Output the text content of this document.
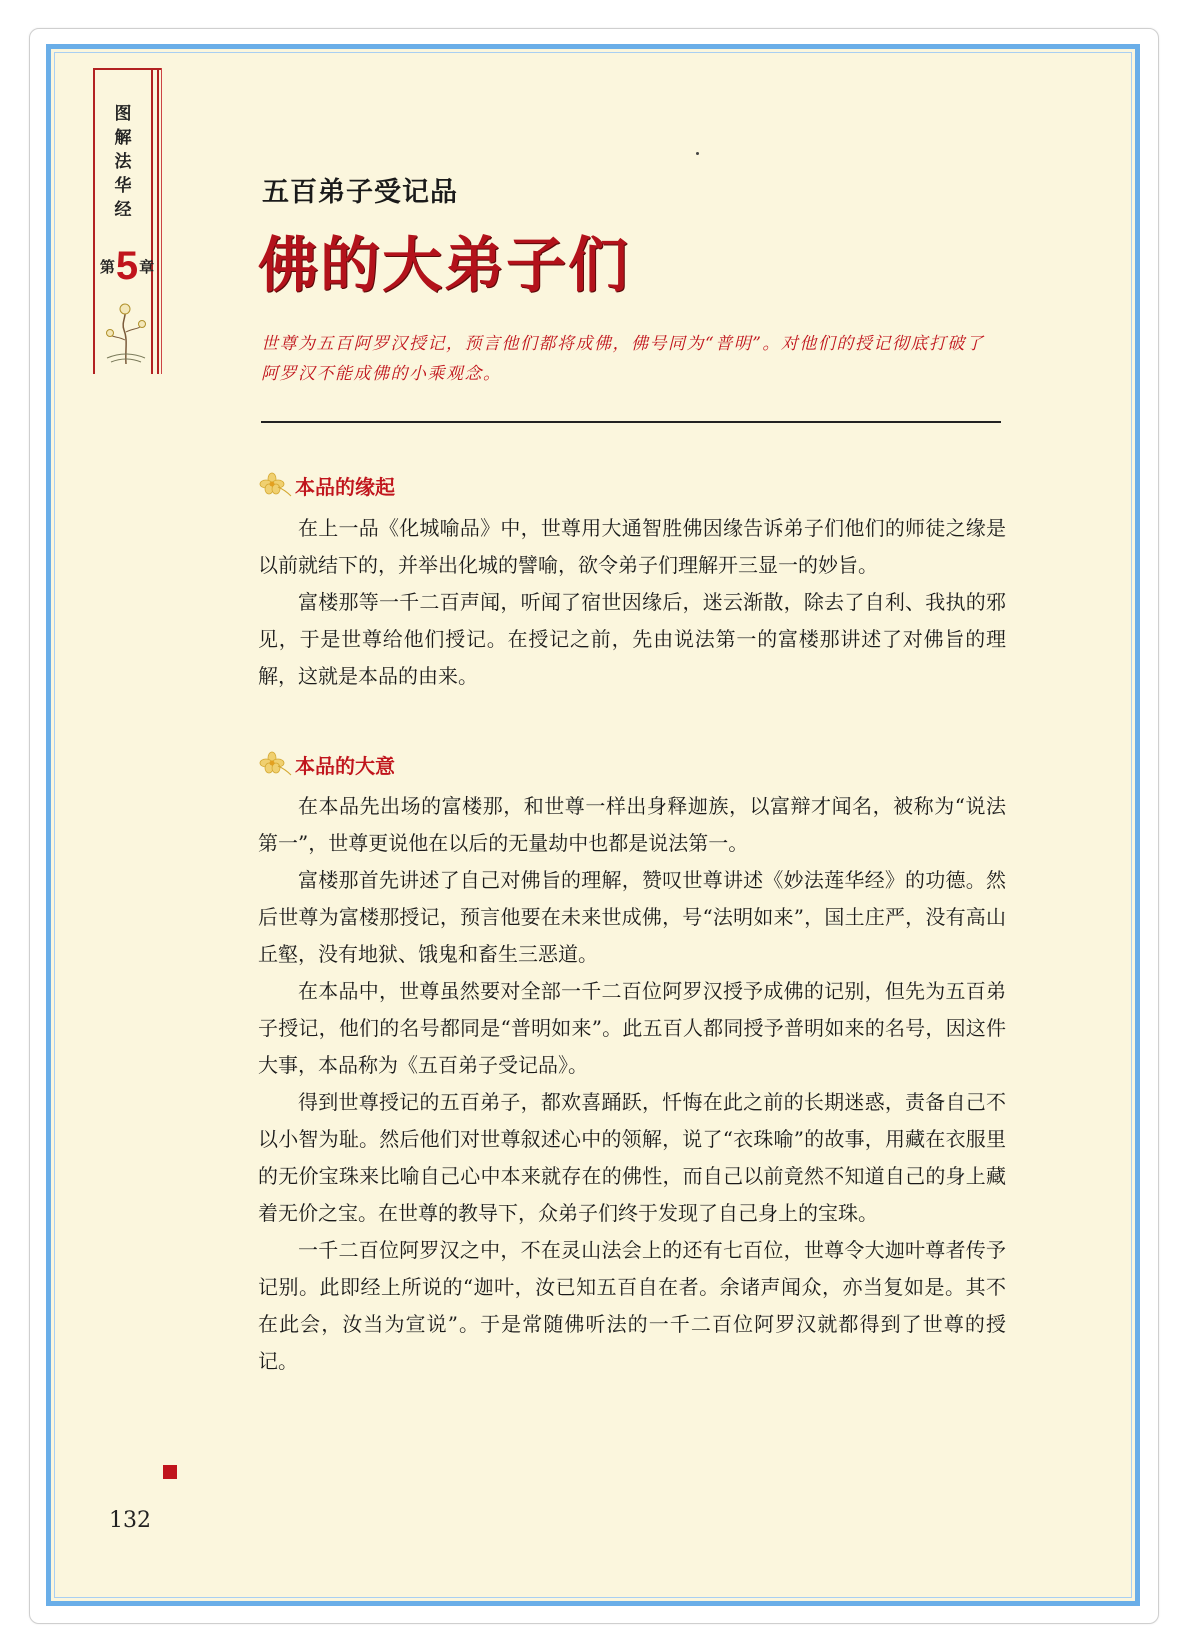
图解法华经
第 5 章
五百弟子受记品
佛的大弟子们
世尊为五百阿罗汉授记，预言他们都将成佛，佛号同为“普明”。对他们的授记彻底打破了阿罗汉不能成佛的小乘观念。
本品的缘起

在上一品《化城喻品》中，世尊用大通智胜佛因缘告诉弟子们他们的师徒之缘是以前就结下的，并举出化城的譬喻，欲令弟子们理解开三显一的妙旨。

富楼那等一千二百声闻，听闻了宿世因缘后，迷云渐散，除去了自利、我执的邪见，于是世尊给他们授记。在授记之前，先由说法第一的富楼那讲述了对佛旨的理解，这就是本品的由来。

本品的大意

在本品先出场的富楼那，和世尊一样出身释迦族，以富辩才闻名，被称为“说法第一”，世尊更说他在以后的无量劫中也都是说法第一。

富楼那首先讲述了自己对佛旨的理解，赞叹世尊讲述《妙法莲华经》的功德。然后世尊为富楼那授记，预言他要在未来世成佛，号“法明如来”，国土庄严，没有高山丘壑，没有地狱、饿鬼和畜生三恶道。

在本品中，世尊虽然要对全部一千二百位阿罗汉授予成佛的记别，但先为五百弟子授记，他们的名号都同是“普明如来”。此五百人都同授予普明如来的名号，因这件大事，本品称为《五百弟子受记品》。

得到世尊授记的五百弟子，都欢喜踊跃，忏悔在此之前的长期迷惑，责备自己不以小智为耻。然后他们对世尊叙述心中的领解，说了“衣珠喻”的故事，用藏在衣服里的无价宝珠来比喻自己心中本来就存在的佛性，而自己以前竟然不知道自己的身上藏着无价之宝。在世尊的教导下，众弟子们终于发现了自己身上的宝珠。

一千二百位阿罗汉之中，不在灵山法会上的还有七百位，世尊令大迦叶尊者传予记别。此即经上所说的“迦叶，汝已知五百自在者。余诸声闻众，亦当复如是。其不在此会，汝当为宣说”。于是常随佛听法的一千二百位阿罗汉就都得到了世尊的授记。

132
